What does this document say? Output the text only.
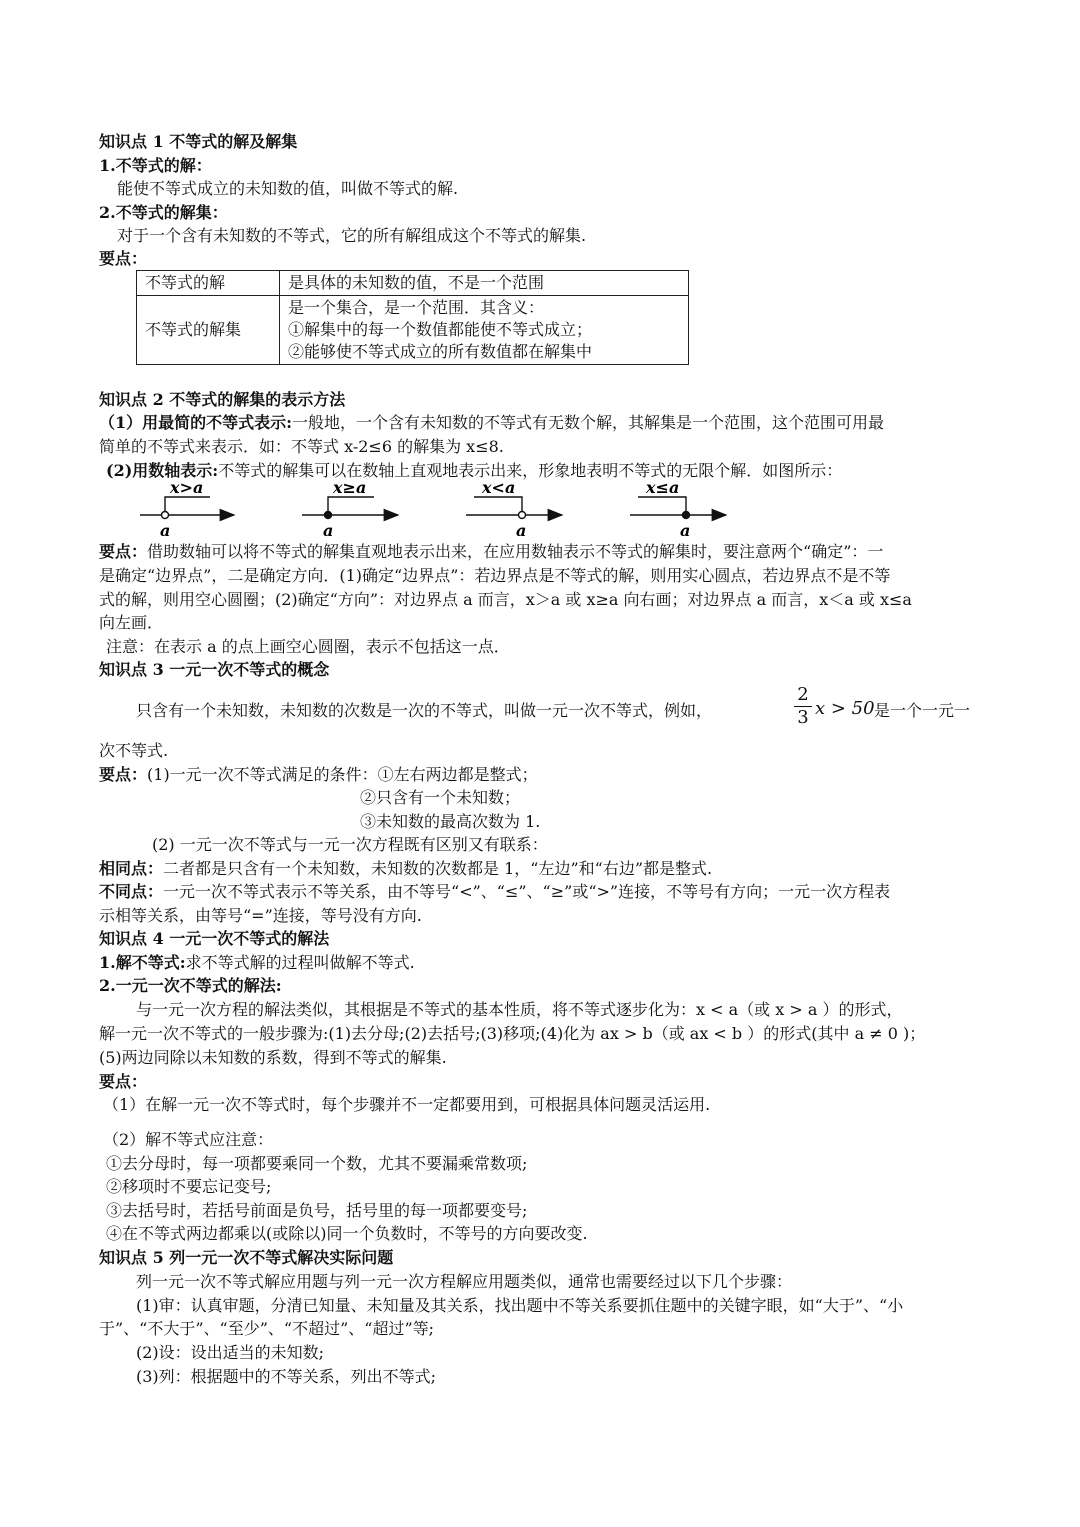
知识点 1 不等式的解及解集
1.不等式的解：
能使不等式成立的未知数的值，叫做不等式的解.
2.不等式的解集：
对于一个含有未知数的不等式，它的所有解组成这个不等式的解集.
要点：
不等式的解	是具体的未知数的值，不是一个范围
不等式的解集	是一个集合，是一个范围．其含义：
①解集中的每一个数值都能使不等式成立；
②能够使不等式成立的所有数值都在解集中
知识点 2 不等式的解集的表示方法
（1）用最简的不等式表示:一般地，一个含有未知数的不等式有无数个解，其解集是一个范围，这个范围可用最
简单的不等式来表示．如：不等式 x-2≤6 的解集为 x≤8.
(2)用数轴表示:不等式的解集可以在数轴上直观地表示出来，形象地表明不等式的无限个解．如图所示：
x>a
a
x≥a
a
x<a
a
x≤a
a
要点：借助数轴可以将不等式的解集直观地表示出来，在应用数轴表示不等式的解集时，要注意两个“确定”：一
是确定“边界点”，二是确定方向．(1)确定“边界点”：若边界点是不等式的解，则用实心圆点，若边界点不是不等
式的解，则用空心圆圈；(2)确定“方向”：对边界点 a 而言，x＞a 或 x≥a 向右画；对边界点 a 而言，x＜a 或 x≤a
向左画．
注意：在表示 a 的点上画空心圆圈，表示不包括这一点．
知识点 3 一元一次不等式的概念
只含有一个未知数，未知数的次数是一次的不等式，叫做一元一次不等式，例如，	$\frac{2}{3}$ x > 50 是一个一元一
次不等式.
要点：(1)一元一次不等式满足的条件：①左右两边都是整式；
②只含有一个未知数；
③未知数的最高次数为 1.
(2) 一元一次不等式与一元一次方程既有区别又有联系：
相同点：二者都是只含有一个未知数，未知数的次数都是 1，“左边”和“右边”都是整式.
不同点：一元一次不等式表示不等关系，由不等号“<”、“≤”、“≥”或“>”连接，不等号有方向；一元一次方程表
示相等关系，由等号“=”连接，等号没有方向.
知识点 4 一元一次不等式的解法
1.解不等式:求不等式解的过程叫做解不等式.
2.一元一次不等式的解法:
与一元一次方程的解法类似，其根据是不等式的基本性质，将不等式逐步化为：x < a（或 x > a ）的形式，
解一元一次不等式的一般步骤为:(1)去分母;(2)去括号;(3)移项;(4)化为 ax > b（或 ax < b ）的形式(其中 a ≠ 0 )；
(5)两边同除以未知数的系数，得到不等式的解集.
要点：
（1）在解一元一次不等式时，每个步骤并不一定都要用到，可根据具体问题灵活运用.
（2）解不等式应注意：
①去分母时，每一项都要乘同一个数，尤其不要漏乘常数项;
②移项时不要忘记变号;
③去括号时，若括号前面是负号，括号里的每一项都要变号;
④在不等式两边都乘以(或除以)同一个负数时，不等号的方向要改变.
知识点 5 列一元一次不等式解决实际问题
列一元一次不等式解应用题与列一元一次方程解应用题类似，通常也需要经过以下几个步骤：
(1)审：认真审题，分清已知量、未知量及其关系，找出题中不等关系要抓住题中的关键字眼，如“大于”、“小
于”、“不大于”、“至少”、“不超过”、“超过”等;
(2)设：设出适当的未知数;
(3)列：根据题中的不等关系，列出不等式;
